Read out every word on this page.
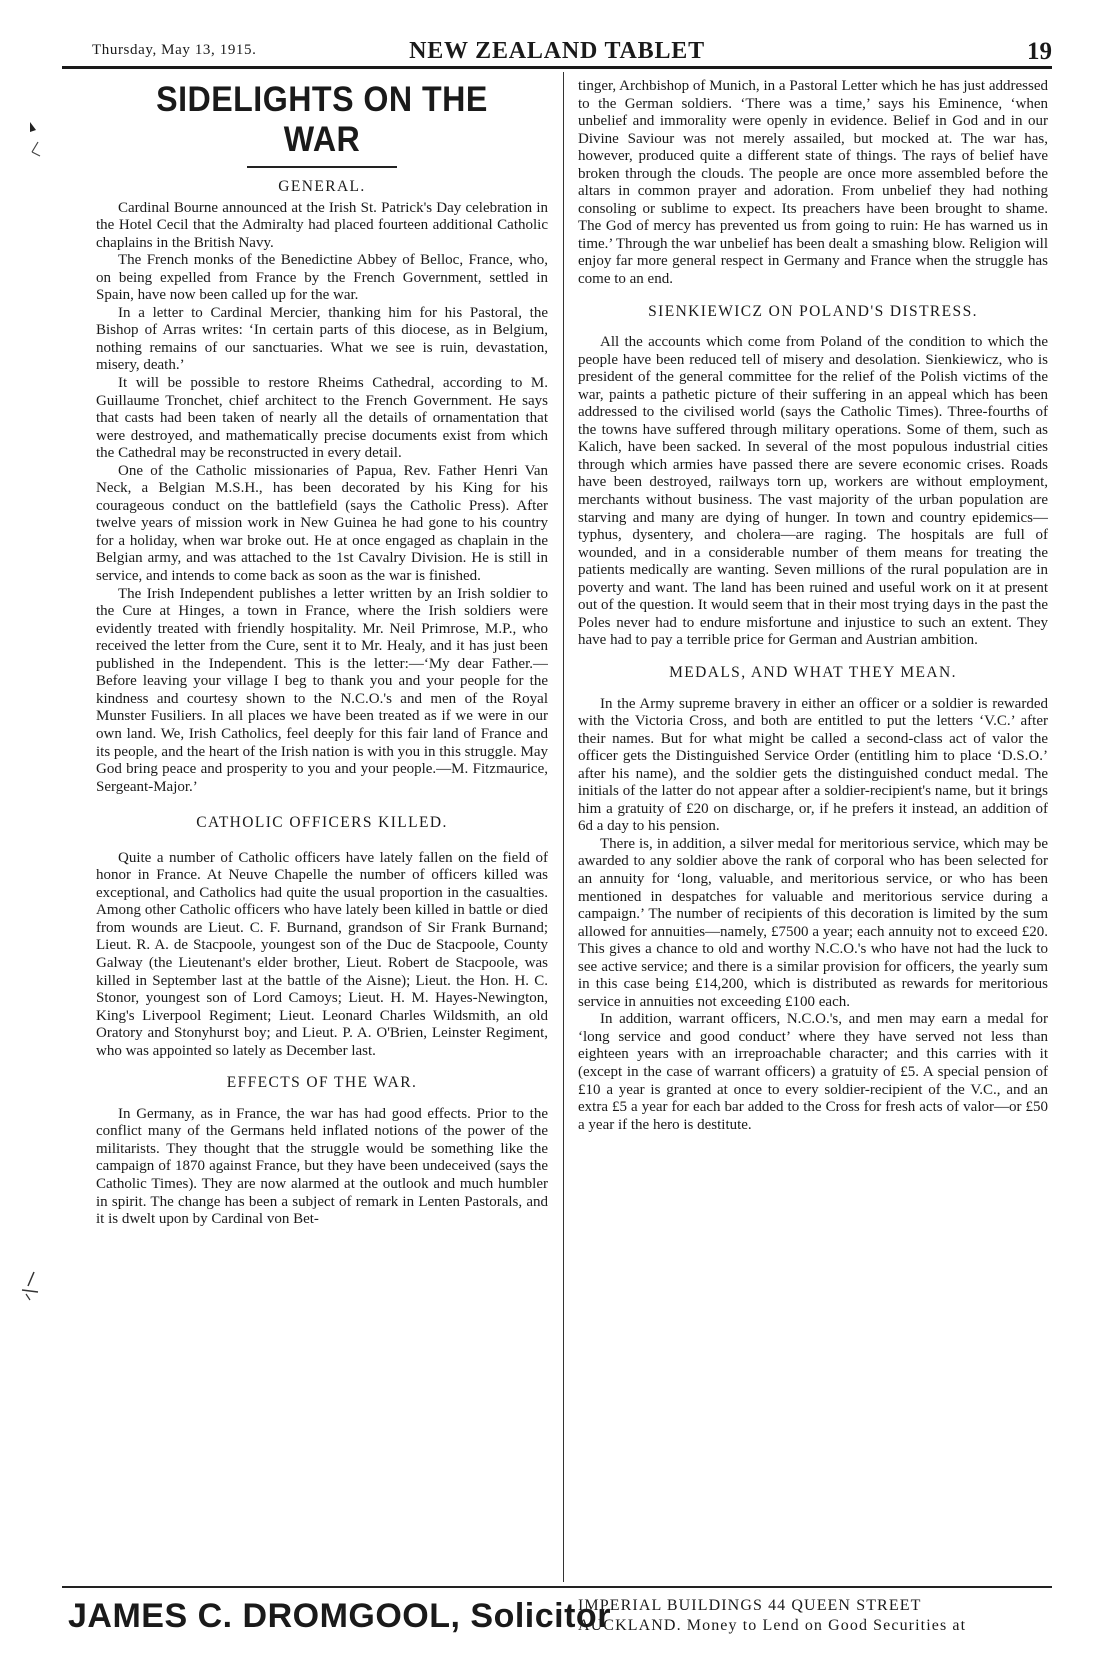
Thursday, May 13, 1915.	NEW ZEALAND TABLET	19
SIDELIGHTS ON THE WAR
GENERAL.

Cardinal Bourne announced at the Irish St. Patrick's Day celebration in the Hotel Cecil that the Admiralty had placed fourteen additional Catholic chaplains in the British Navy.

The French monks of the Benedictine Abbey of Belloc, France, who, on being expelled from France by the French Government, settled in Spain, have now been called up for the war.

In a letter to Cardinal Mercier, thanking him for his Pastoral, the Bishop of Arras writes: ‘In certain parts of this diocese, as in Belgium, nothing remains of our sanctuaries. What we see is ruin, devastation, misery, death.’

It will be possible to restore Rheims Cathedral, according to M. Guillaume Tronchet, chief architect to the French Government. He says that casts had been taken of nearly all the details of ornamentation that were destroyed, and mathematically precise documents exist from which the Cathedral may be reconstructed in every detail.

One of the Catholic missionaries of Papua, Rev. Father Henri Van Neck, a Belgian M.S.H., has been decorated by his King for his courageous conduct on the battlefield (says the Catholic Press). After twelve years of mission work in New Guinea he had gone to his country for a holiday, when war broke out. He at once engaged as chaplain in the Belgian army, and was attached to the 1st Cavalry Division. He is still in service, and intends to come back as soon as the war is finished.

The Irish Independent publishes a letter written by an Irish soldier to the Cure at Hinges, a town in France, where the Irish soldiers were evidently treated with friendly hospitality. Mr. Neil Primrose, M.P., who received the letter from the Cure, sent it to Mr. Healy, and it has just been published in the Independent. This is the letter:—‘My dear Father.—Before leaving your village I beg to thank you and your people for the kindness and courtesy shown to the N.C.O.'s and men of the Royal Munster Fusiliers. In all places we have been treated as if we were in our own land. We, Irish Catholics, feel deeply for this fair land of France and its people, and the heart of the Irish nation is with you in this struggle. May God bring peace and prosperity to you and your people.—M. Fitzmaurice, Sergeant-Major.’

CATHOLIC OFFICERS KILLED.

Quite a number of Catholic officers have lately fallen on the field of honor in France. At Neuve Chapelle the number of officers killed was exceptional, and Catholics had quite the usual proportion in the casualties. Among other Catholic officers who have lately been killed in battle or died from wounds are Lieut. C. F. Burnand, grandson of Sir Frank Burnand; Lieut. R. A. de Stacpoole, youngest son of the Duc de Stacpoole, County Galway (the Lieutenant's elder brother, Lieut. Robert de Stacpoole, was killed in September last at the battle of the Aisne); Lieut. the Hon. H. C. Stonor, youngest son of Lord Camoys; Lieut. H. M. Hayes-Newington, King's Liverpool Regiment; Lieut. Leonard Charles Wildsmith, an old Oratory and Stonyhurst boy; and Lieut. P. A. O'Brien, Leinster Regiment, who was appointed so lately as December last.

EFFECTS OF THE WAR.

In Germany, as in France, the war has had good effects. Prior to the conflict many of the Germans held inflated notions of the power of the militarists. They thought that the struggle would be something like the campaign of 1870 against France, but they have been undeceived (says the Catholic Times). They are now alarmed at the outlook and much humbler in spirit. The change has been a subject of remark in Lenten Pastorals, and it is dwelt upon by Cardinal von Bet-

tinger, Archbishop of Munich, in a Pastoral Letter which he has just addressed to the German soldiers. ‘There was a time,’ says his Eminence, ‘when unbelief and immorality were openly in evidence. Belief in God and in our Divine Saviour was not merely assailed, but mocked at. The war has, however, produced quite a different state of things. The rays of belief have broken through the clouds. The people are once more assembled before the altars in common prayer and adoration. From unbelief they had nothing consoling or sublime to expect. Its preachers have been brought to shame. The God of mercy has prevented us from going to ruin: He has warned us in time.’ Through the war unbelief has been dealt a smashing blow. Religion will enjoy far more general respect in Germany and France when the struggle has come to an end.

SIENKIEWICZ ON POLAND'S DISTRESS.

All the accounts which come from Poland of the condition to which the people have been reduced tell of misery and desolation. Sienkiewicz, who is president of the general committee for the relief of the Polish victims of the war, paints a pathetic picture of their suffering in an appeal which has been addressed to the civilised world (says the Catholic Times). Three-fourths of the towns have suffered through military operations. Some of them, such as Kalich, have been sacked. In several of the most populous industrial cities through which armies have passed there are severe economic crises. Roads have been destroyed, railways torn up, workers are without employment, merchants without business. The vast majority of the urban population are starving and many are dying of hunger. In town and country epidemics—typhus, dysentery, and cholera—are raging. The hospitals are full of wounded, and in a considerable number of them means for treating the patients medically are wanting. Seven millions of the rural population are in poverty and want. The land has been ruined and useful work on it at present out of the question. It would seem that in their most trying days in the past the Poles never had to endure misfortune and injustice to such an extent. They have had to pay a terrible price for German and Austrian ambition.

MEDALS, AND WHAT THEY MEAN.

In the Army supreme bravery in either an officer or a soldier is rewarded with the Victoria Cross, and both are entitled to put the letters ‘V.C.’ after their names. But for what might be called a second-class act of valor the officer gets the Distinguished Service Order (entitling him to place ‘D.S.O.’ after his name), and the soldier gets the distinguished conduct medal. The initials of the latter do not appear after a soldier-recipient's name, but it brings him a gratuity of £20 on discharge, or, if he prefers it instead, an addition of 6d a day to his pension.

There is, in addition, a silver medal for meritorious service, which may be awarded to any soldier above the rank of corporal who has been selected for an annuity for ‘long, valuable, and meritorious service, or who has been mentioned in despatches for valuable and meritorious service during a campaign.’ The number of recipients of this decoration is limited by the sum allowed for annuities—namely, £7500 a year; each annuity not to exceed £20. This gives a chance to old and worthy N.C.O.'s who have not had the luck to see active service; and there is a similar provision for officers, the yearly sum in this case being £14,200, which is distributed as rewards for meritorious service in annuities not exceeding £100 each.

In addition, warrant officers, N.C.O.'s, and men may earn a medal for ‘long service and good conduct’ where they have served not less than eighteen years with an irreproachable character; and this carries with it (except in the case of warrant officers) a gratuity of £5. A special pension of £10 a year is granted at once to every soldier-recipient of the V.C., and an extra £5 a year for each bar added to the Cross for fresh acts of valor—or £50 a year if the hero is destitute.

JAMES C. DROMGOOL, Solicitor
IMPERIAL BUILDINGS 44 QUEEN STREET
AUCKLAND. Money to Lend on Good Securities at
